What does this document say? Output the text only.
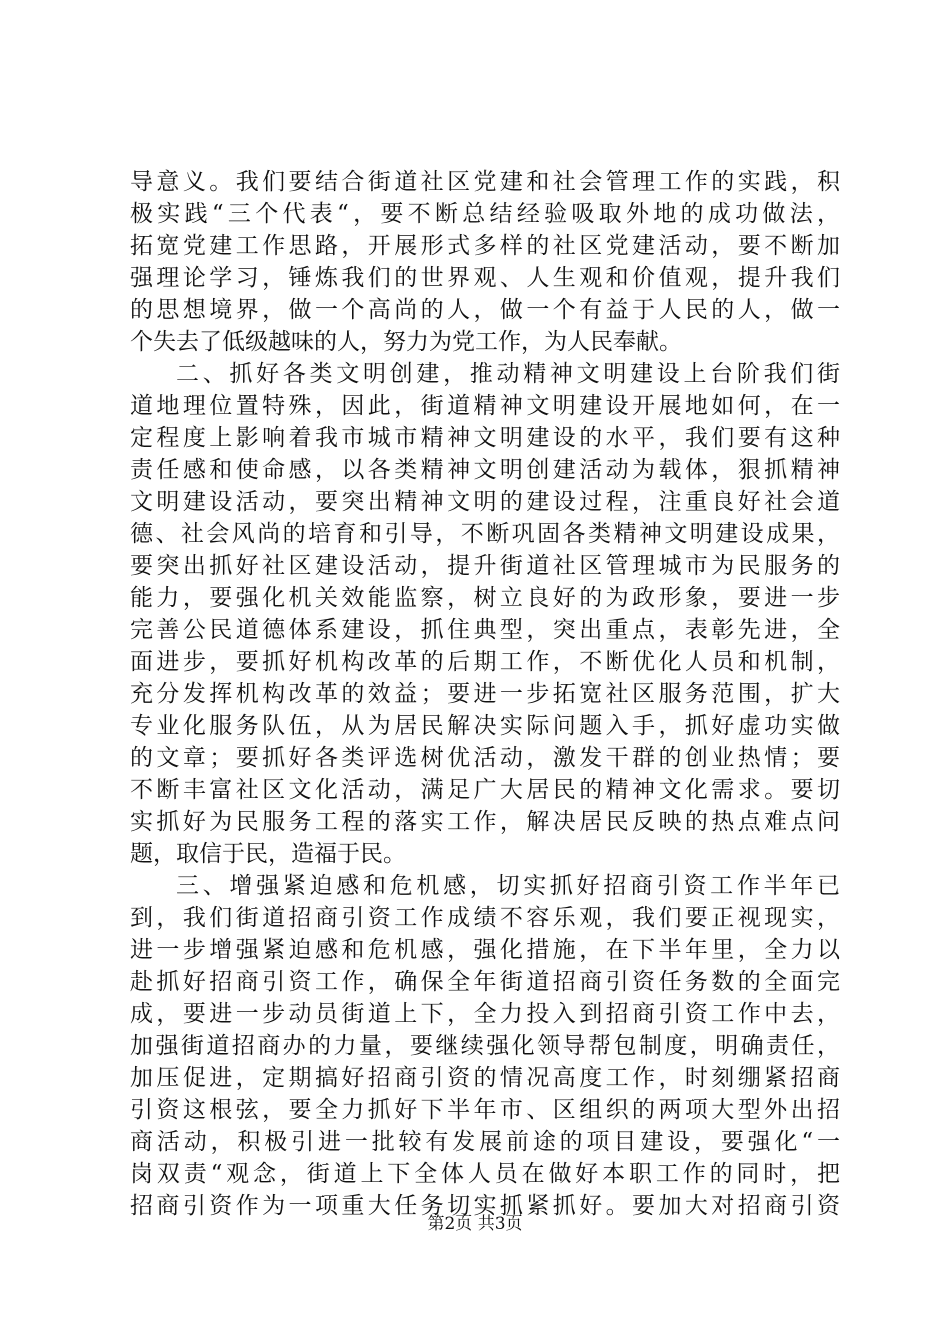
导意义。我们要结合街道社区党建和社会管理工作的实践，积
极实践“三个代表“，要不断总结经验吸取外地的成功做法，
拓宽党建工作思路，开展形式多样的社区党建活动，要不断加
强理论学习，锤炼我们的世界观、人生观和价值观，提升我们
的思想境界，做一个高尚的人，做一个有益于人民的人，做一
个失去了低级越味的人，努力为党工作，为人民奉献。
二、抓好各类文明创建，推动精神文明建设上台阶我们街
道地理位置特殊，因此，街道精神文明建设开展地如何，在一
定程度上影响着我市城市精神文明建设的水平，我们要有这种
责任感和使命感，以各类精神文明创建活动为载体，狠抓精神
文明建设活动，要突出精神文明的建设过程，注重良好社会道
德、社会风尚的培育和引导，不断巩固各类精神文明建设成果，
要突出抓好社区建设活动，提升街道社区管理城市为民服务的
能力，要强化机关效能监察，树立良好的为政形象，要进一步
完善公民道德体系建设，抓住典型，突出重点，表彰先进，全
面进步，要抓好机构改革的后期工作，不断优化人员和机制，
充分发挥机构改革的效益；要进一步拓宽社区服务范围，扩大
专业化服务队伍，从为居民解决实际问题入手，抓好虚功实做
的文章；要抓好各类评选树优活动，激发干群的创业热情；要
不断丰富社区文化活动，满足广大居民的精神文化需求。要切
实抓好为民服务工程的落实工作，解决居民反映的热点难点问
题，取信于民，造福于民。
三、增强紧迫感和危机感，切实抓好招商引资工作半年已
到，我们街道招商引资工作成绩不容乐观，我们要正视现实，
进一步增强紧迫感和危机感，强化措施，在下半年里，全力以
赴抓好招商引资工作，确保全年街道招商引资任务数的全面完
成，要进一步动员街道上下，全力投入到招商引资工作中去，
加强街道招商办的力量，要继续强化领导帮包制度，明确责任，
加压促进，定期搞好招商引资的情况高度工作，时刻绷紧招商
引资这根弦，要全力抓好下半年市、区组织的两项大型外出招
商活动，积极引进一批较有发展前途的项目建设，要强化“一
岗双责“观念，街道上下全体人员在做好本职工作的同时，把
招商引资作为一项重大任务切实抓紧抓好。要加大对招商引资
第2页 共3页
